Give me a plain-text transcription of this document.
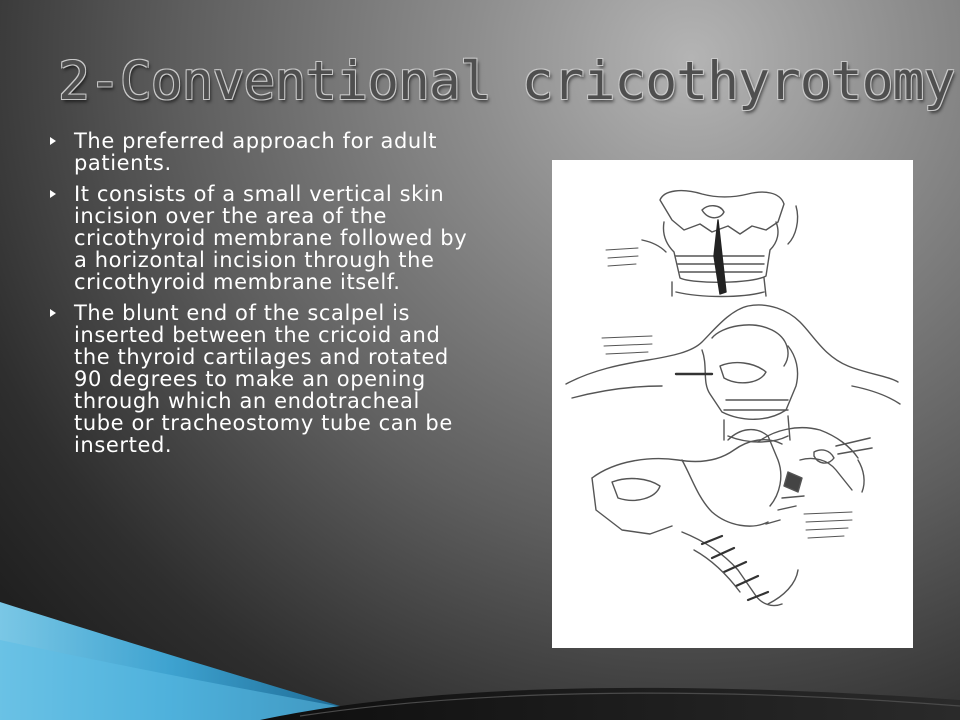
2-Conventional cricothyrotomy
The preferred approach for adult patients.
It consists of a small vertical skin incision over the area of the cricothyroid membrane followed by a horizontal incision through the cricothyroid membrane itself.
The blunt end of the scalpel is inserted between the cricoid and the thyroid cartilages and rotated 90 degrees to make an opening through which an endotracheal tube or tracheostomy tube can be inserted.
